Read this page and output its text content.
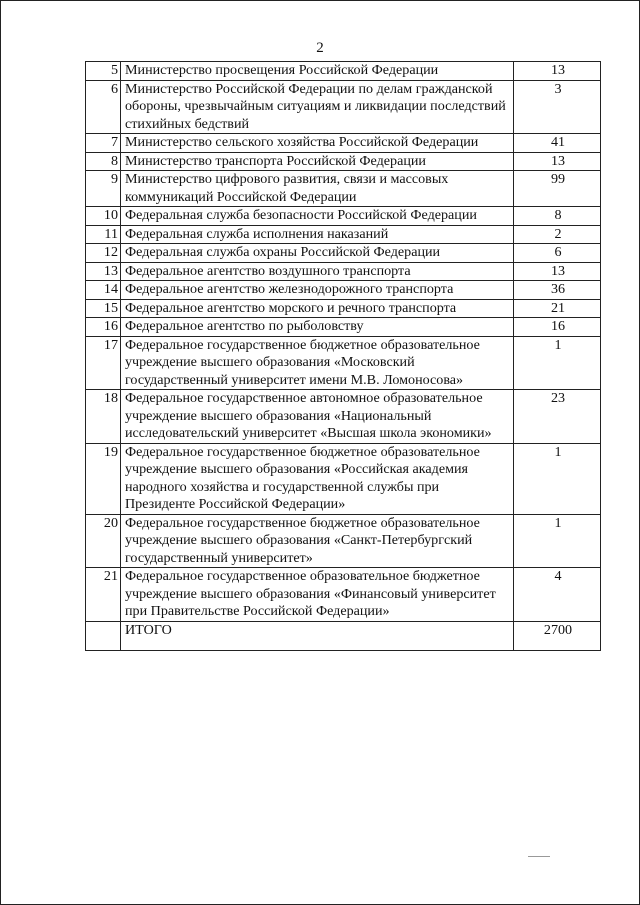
2
5	Министерство просвещения Российской Федерации	13
6	Министерство Российской Федерации по делам гражданской обороны, чрезвычайным ситуациям и ликвидации последствий стихийных бедствий	3
7	Министерство сельского хозяйства Российской Федерации	41
8	Министерство транспорта Российской Федерации	13
9	Министерство цифрового развития, связи и массовых коммуникаций Российской Федерации	99
10	Федеральная служба безопасности Российской Федерации	8
11	Федеральная служба исполнения наказаний	2
12	Федеральная служба охраны Российской Федерации	6
13	Федеральное агентство воздушного транспорта	13
14	Федеральное агентство железнодорожного транспорта	36
15	Федеральное агентство морского и речного транспорта	21
16	Федеральное агентство по рыболовству	16
17	Федеральное государственное бюджетное образовательное учреждение высшего образования «Московский государственный университет имени М.В. Ломоносова»	1
18	Федеральное государственное автономное образовательное учреждение высшего образования «Национальный исследовательский университет «Высшая школа экономики»	23
19	Федеральное государственное бюджетное образовательное учреждение высшего образования «Российская академия народного хозяйства и государственной службы при Президенте Российской Федерации»	1
20	Федеральное государственное бюджетное образовательное учреждение высшего образования «Санкт-Петербургский государственный университет»	1
21	Федеральное государственное образовательное бюджетное учреждение высшего образования «Финансовый университет при Правительстве Российской Федерации»	4
	ИТОГО	2700
